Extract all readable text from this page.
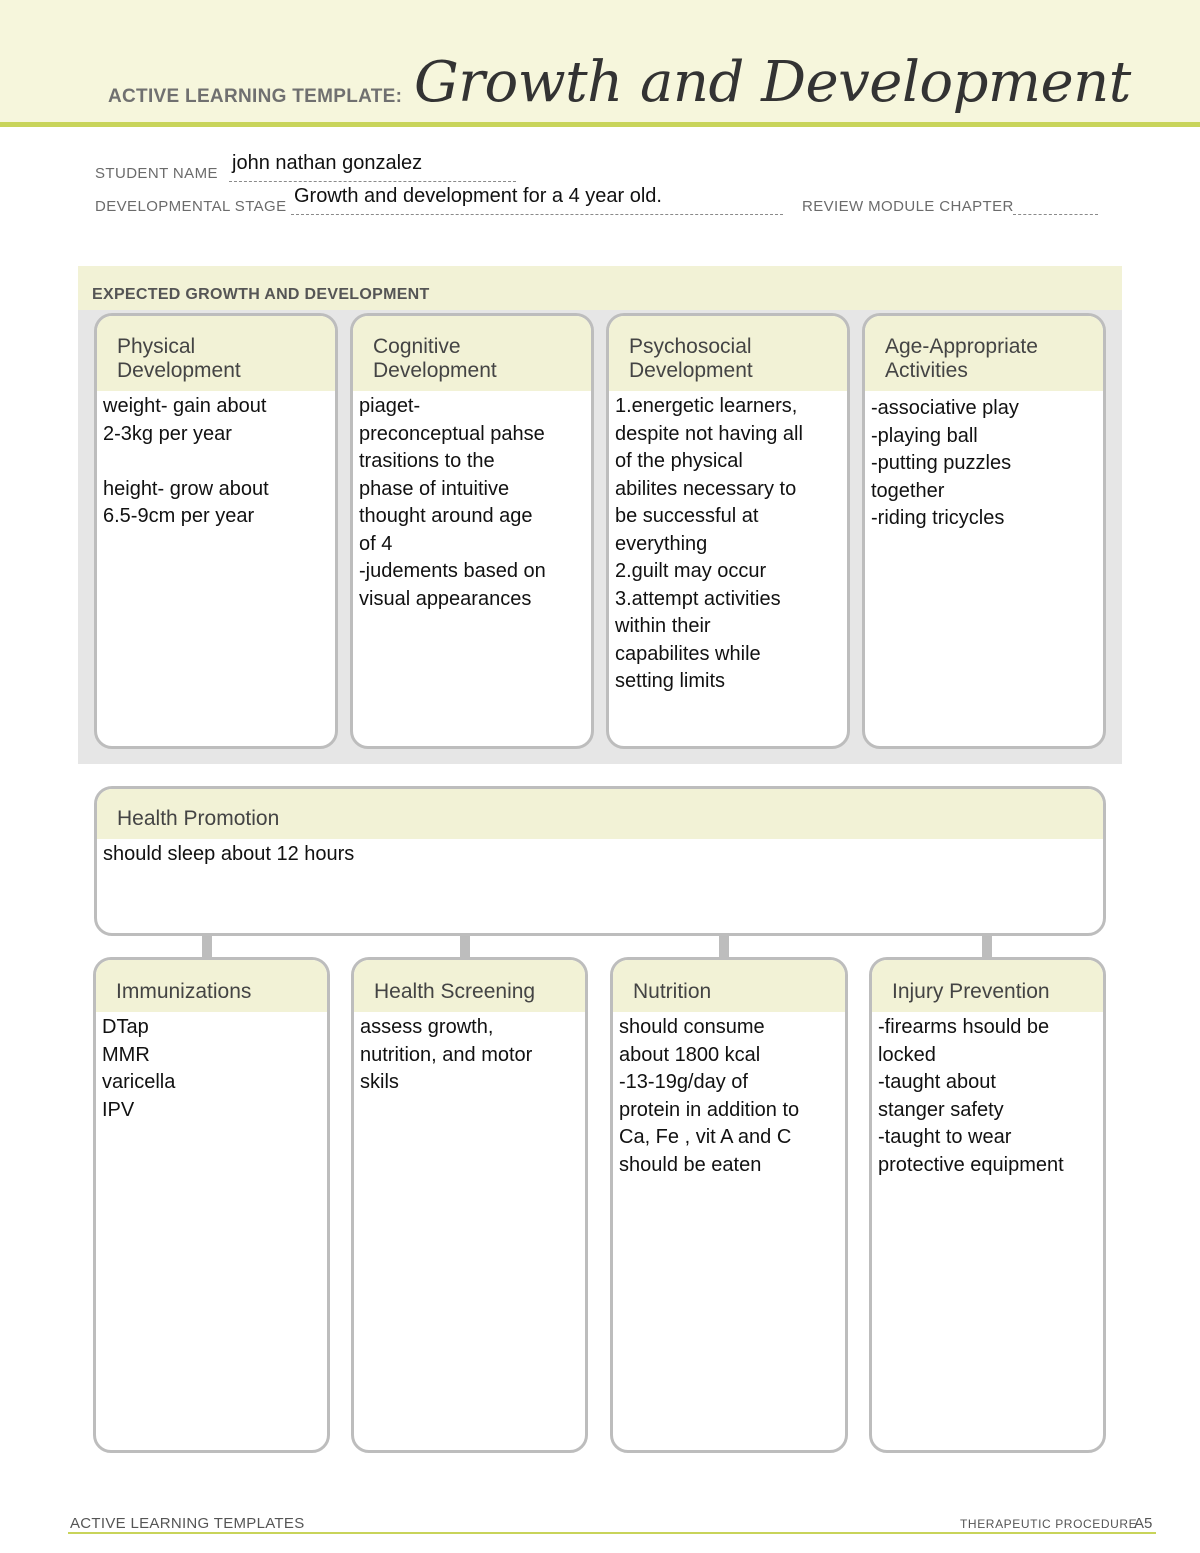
ACTIVE LEARNING TEMPLATE: Growth and Development
STUDENT NAME john nathan gonzalez
DEVELOPMENTAL STAGE Growth and development for a 4 year old.	REVIEW MODULE CHAPTER
EXPECTED GROWTH AND DEVELOPMENT
Physical
Development
weight- gain about
2-3kg per year

height- grow about
6.5-9cm per year
Cognitive
Development
piaget-
preconceptual pahse
trasitions to the
phase of intuitive
thought around age
of 4
-judements based on
visual appearances
Psychosocial
Development
1.energetic learners,
despite not having all
of the physical
abilites necessary to
be successful at
everything
2.guilt may occur
3.attempt activities
within their
capabilites while
setting limits
Age-Appropriate
Activities
-associative play
-playing ball
-putting puzzles
together
-riding tricycles
Health Promotion
should sleep about 12 hours
Immunizations
DTap
MMR
varicella
IPV
Health Screening
assess growth,
nutrition, and motor
skils
Nutrition
should consume
about 1800 kcal
-13-19g/day of
protein in addition to
Ca, Fe , vit A and C
should be eaten
Injury Prevention
-firearms hsould be
locked
-taught about
stanger safety
-taught to wear
protective equipment
ACTIVE LEARNING TEMPLATES	THERAPEUTIC PROCEDURE
A5
